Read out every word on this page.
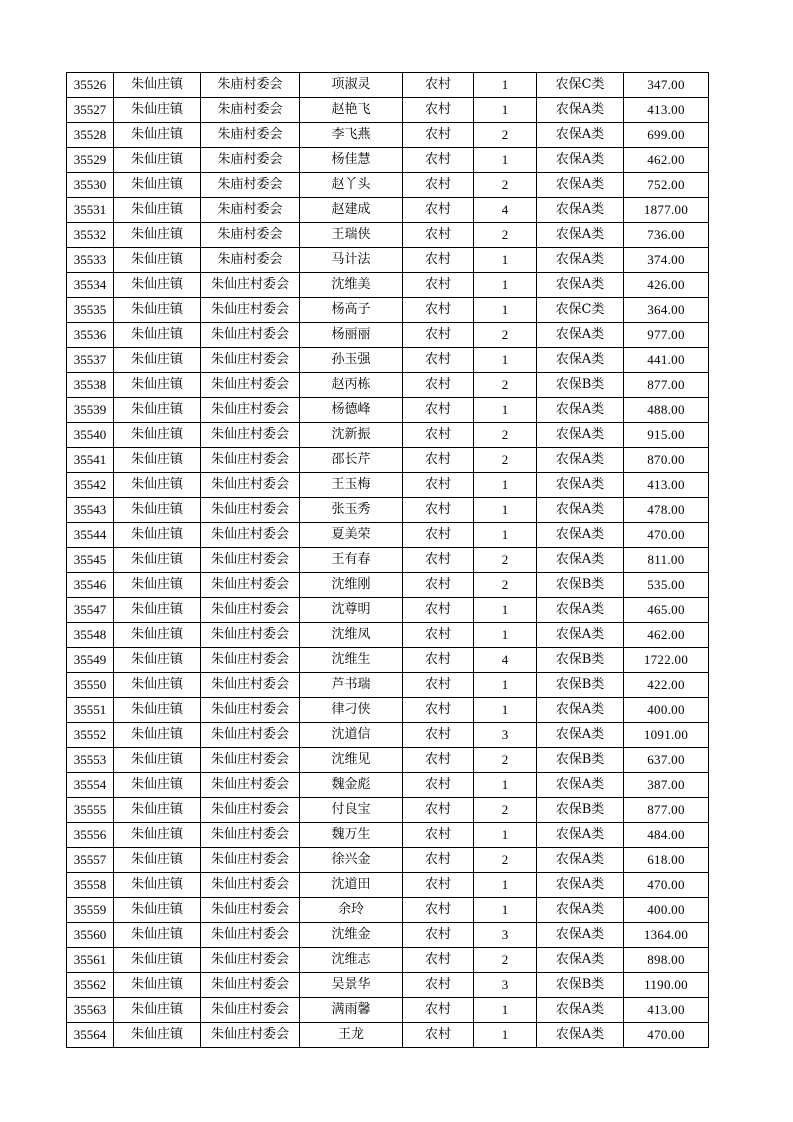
35526	朱仙庄镇	朱庙村委会	项淑灵	农村	1	农保C类	347.00
35527	朱仙庄镇	朱庙村委会	赵艳飞	农村	1	农保A类	413.00
35528	朱仙庄镇	朱庙村委会	李飞燕	农村	2	农保A类	699.00
35529	朱仙庄镇	朱庙村委会	杨佳慧	农村	1	农保A类	462.00
35530	朱仙庄镇	朱庙村委会	赵丫头	农村	2	农保A类	752.00
35531	朱仙庄镇	朱庙村委会	赵建成	农村	4	农保A类	1877.00
35532	朱仙庄镇	朱庙村委会	王瑞侠	农村	2	农保A类	736.00
35533	朱仙庄镇	朱庙村委会	马计法	农村	1	农保A类	374.00
35534	朱仙庄镇	朱仙庄村委会	沈维美	农村	1	农保A类	426.00
35535	朱仙庄镇	朱仙庄村委会	杨高子	农村	1	农保C类	364.00
35536	朱仙庄镇	朱仙庄村委会	杨丽丽	农村	2	农保A类	977.00
35537	朱仙庄镇	朱仙庄村委会	孙玉强	农村	1	农保A类	441.00
35538	朱仙庄镇	朱仙庄村委会	赵丙栋	农村	2	农保B类	877.00
35539	朱仙庄镇	朱仙庄村委会	杨德峰	农村	1	农保A类	488.00
35540	朱仙庄镇	朱仙庄村委会	沈新振	农村	2	农保A类	915.00
35541	朱仙庄镇	朱仙庄村委会	邵长芹	农村	2	农保A类	870.00
35542	朱仙庄镇	朱仙庄村委会	王玉梅	农村	1	农保A类	413.00
35543	朱仙庄镇	朱仙庄村委会	张玉秀	农村	1	农保A类	478.00
35544	朱仙庄镇	朱仙庄村委会	夏美荣	农村	1	农保A类	470.00
35545	朱仙庄镇	朱仙庄村委会	王有春	农村	2	农保A类	811.00
35546	朱仙庄镇	朱仙庄村委会	沈维刚	农村	2	农保B类	535.00
35547	朱仙庄镇	朱仙庄村委会	沈尊明	农村	1	农保A类	465.00
35548	朱仙庄镇	朱仙庄村委会	沈维凤	农村	1	农保A类	462.00
35549	朱仙庄镇	朱仙庄村委会	沈维生	农村	4	农保B类	1722.00
35550	朱仙庄镇	朱仙庄村委会	芦书瑞	农村	1	农保B类	422.00
35551	朱仙庄镇	朱仙庄村委会	律刁侠	农村	1	农保A类	400.00
35552	朱仙庄镇	朱仙庄村委会	沈道信	农村	3	农保A类	1091.00
35553	朱仙庄镇	朱仙庄村委会	沈维见	农村	2	农保B类	637.00
35554	朱仙庄镇	朱仙庄村委会	魏金彪	农村	1	农保A类	387.00
35555	朱仙庄镇	朱仙庄村委会	付良宝	农村	2	农保B类	877.00
35556	朱仙庄镇	朱仙庄村委会	魏万生	农村	1	农保A类	484.00
35557	朱仙庄镇	朱仙庄村委会	徐兴金	农村	2	农保A类	618.00
35558	朱仙庄镇	朱仙庄村委会	沈道田	农村	1	农保A类	470.00
35559	朱仙庄镇	朱仙庄村委会	余玲	农村	1	农保A类	400.00
35560	朱仙庄镇	朱仙庄村委会	沈维金	农村	3	农保A类	1364.00
35561	朱仙庄镇	朱仙庄村委会	沈维志	农村	2	农保A类	898.00
35562	朱仙庄镇	朱仙庄村委会	吴景华	农村	3	农保B类	1190.00
35563	朱仙庄镇	朱仙庄村委会	满雨馨	农村	1	农保A类	413.00
35564	朱仙庄镇	朱仙庄村委会	王龙	农村	1	农保A类	470.00
